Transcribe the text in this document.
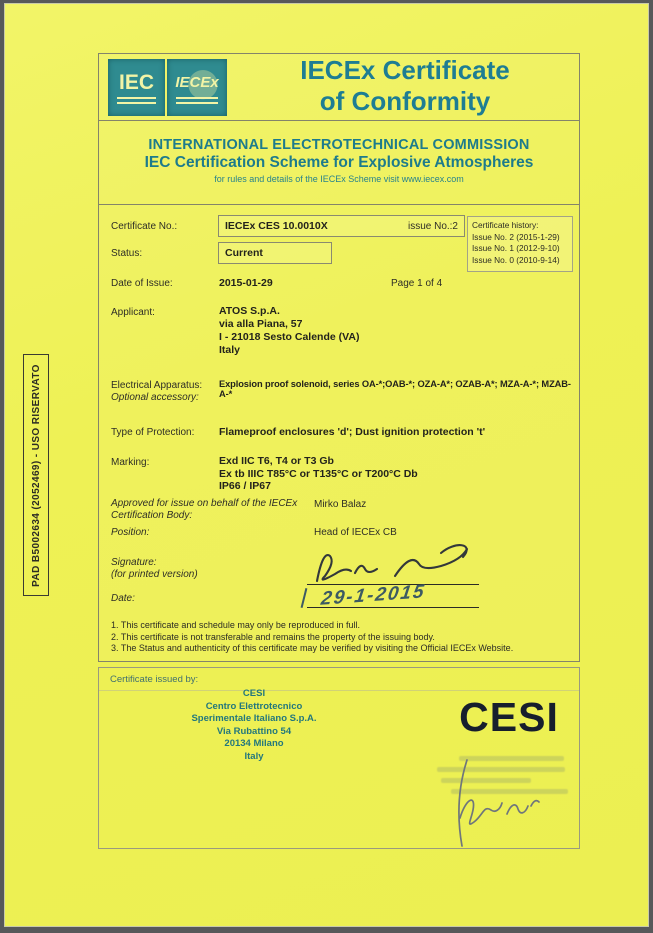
PAD B5002634 (2052469) - USO RISERVATO
IEC IECEx	IECEx Certificate
of Conformity
INTERNATIONAL ELECTROTECHNICAL COMMISSION
IEC Certification Scheme for Explosive Atmospheres
for rules and details of the IECEx Scheme visit www.iecex.com
Certificate No.:	IECEx CES 10.0010X	issue No.:2 Certificate history:
Issue No. 2 (2015-1-29)
Issue No. 1 (2012-9-10)
Issue No. 0 (2010-9-14)
Status:	Current
Date of Issue:	2015-01-29	Page 1 of 4
Applicant:	ATOS S.p.A.
via alla Piana, 57
I - 21018 Sesto Calende (VA)
Italy
Electrical Apparatus:
Optional accessory:
Explosion proof solenoid, series OA-*;OAB-*; OZA-A*; OZAB-A*; MZA-A-*; MZAB-A-*
Type of Protection: Flameproof enclosures 'd'; Dust ignition protection 't'
Marking:	Exd IIC T6, T4 or T3 Gb
Ex tb IIIC T85°C or T135°C or T200°C Db
IP66 / IP67
Approved for issue on behalf of the IECEx
Certification Body:
Mirko Balaz
Position:	Head of IECEx CB
Signature:
(for printed version)
Date:	29-1-2015
1. This certificate and schedule may only be reproduced in full.
2. This certificate is not transferable and remains the property of the issuing body.
3. The Status and authenticity of this certificate may be verified by visiting the Official IECEx Website.
Certificate issued by:
CESI
Centro Elettrotecnico
Sperimentale Italiano S.p.A.
Via Rubattino 54
20134 Milano
Italy
CESI
